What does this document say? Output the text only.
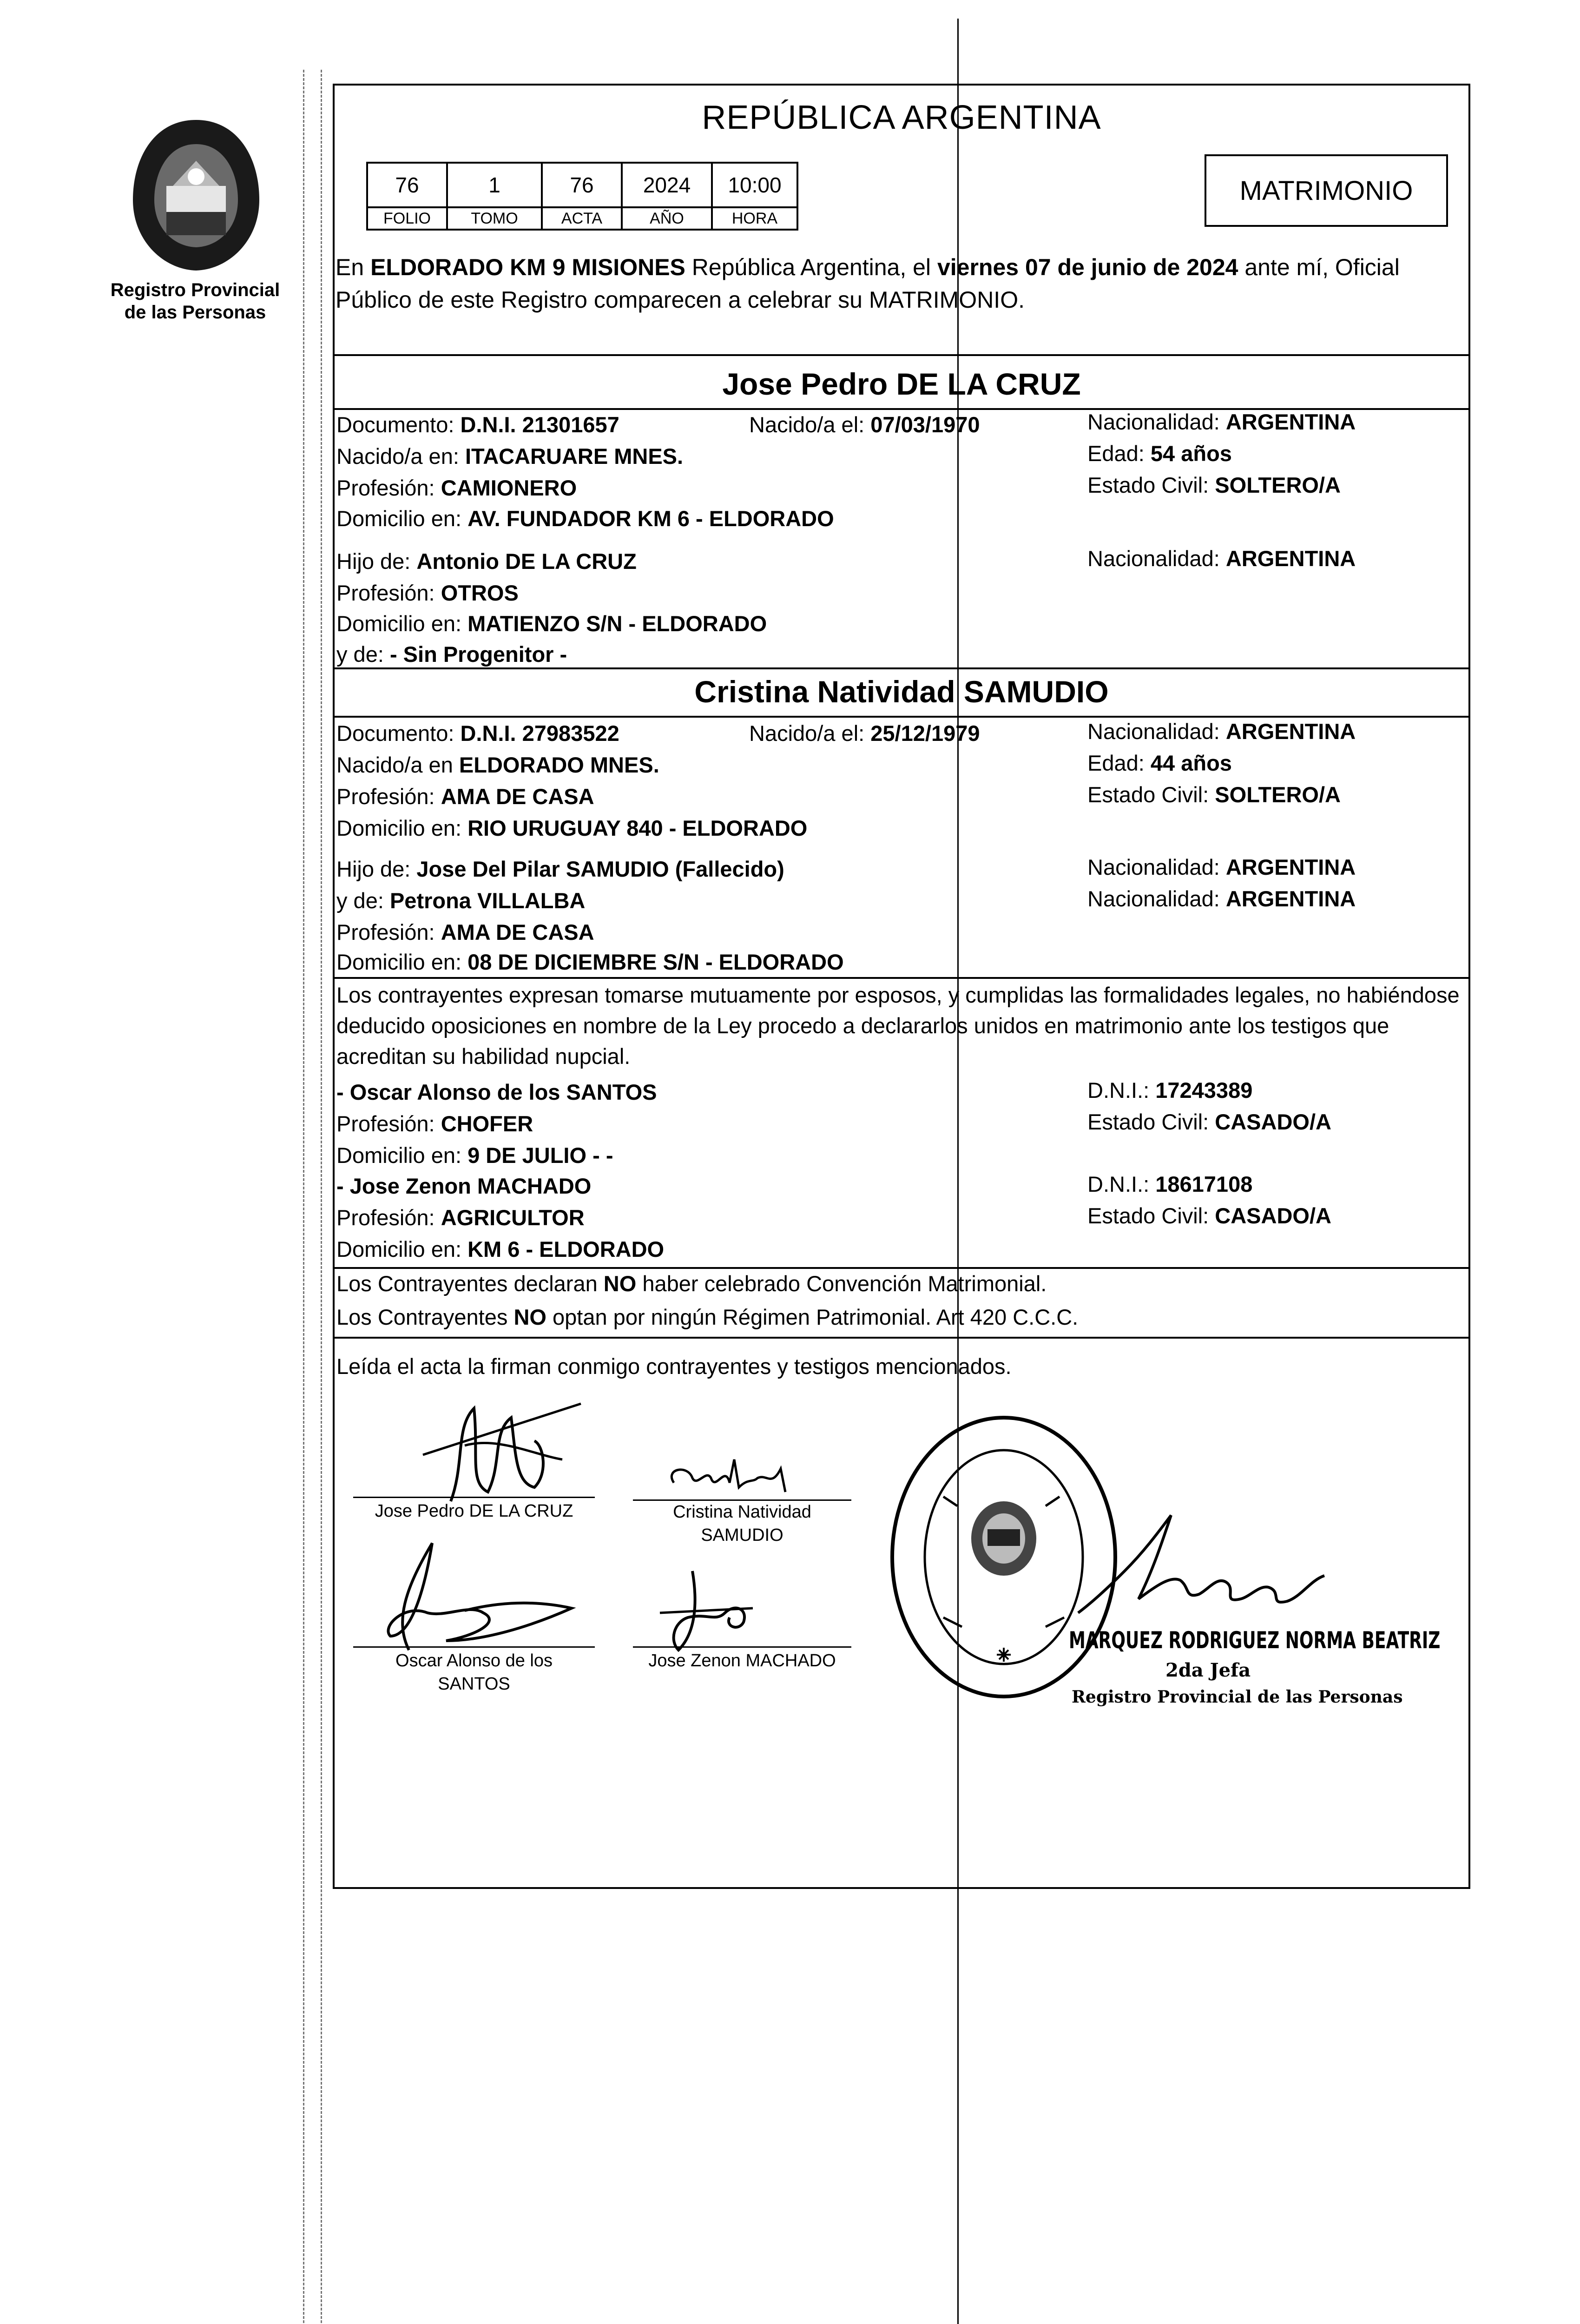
Registro Provincial
de las Personas
REPÚBLICA ARGENTINA
76	1	76	2024	10:00
FOLIO	TOMO	ACTA	AÑO	HORA
MATRIMONIO
En ELDORADO KM 9 MISIONES República Argentina, el viernes 07 de junio de 2024 ante mí, Oficial Público de este Registro comparecen a celebrar su MATRIMONIO.
Jose Pedro DE LA CRUZ
Documento: D.N.I. 21301657	Nacido/a el: 07/03/1970	Nacionalidad: ARGENTINA
Nacido/a en: ITACARUARE MNES.	Edad: 54 años
Profesión: CAMIONERO	Estado Civil: SOLTERO/A
Domicilio en: AV. FUNDADOR KM 6 - ELDORADO
Hijo de: Antonio DE LA CRUZ	Nacionalidad: ARGENTINA
Profesión: OTROS
Domicilio en: MATIENZO S/N - ELDORADO
y de: - Sin Progenitor -
Cristina Natividad SAMUDIO
Documento: D.N.I. 27983522	Nacido/a el: 25/12/1979	Nacionalidad: ARGENTINA
Nacido/a en ELDORADO MNES.	Edad: 44 años
Profesión: AMA DE CASA	Estado Civil: SOLTERO/A
Domicilio en: RIO URUGUAY 840 - ELDORADO
Hijo de: Jose Del Pilar SAMUDIO (Fallecido)	Nacionalidad: ARGENTINA
y de: Petrona VILLALBA	Nacionalidad: ARGENTINA
Profesión: AMA DE CASA
Domicilio en: 08 DE DICIEMBRE S/N - ELDORADO
Los contrayentes expresan tomarse mutuamente por esposos, y cumplidas las formalidades legales, no habiéndose deducido oposiciones en nombre de la Ley procedo a declararlos unidos en matrimonio ante los testigos que acreditan su habilidad nupcial.
- Oscar Alonso de los SANTOS	D.N.I.: 17243389
Profesión: CHOFER	Estado Civil: CASADO/A
Domicilio en: 9 DE JULIO - -
- Jose Zenon MACHADO	D.N.I.: 18617108
Profesión: AGRICULTOR	Estado Civil: CASADO/A
Domicilio en: KM 6 - ELDORADO
Los Contrayentes declaran NO haber celebrado Convención Matrimonial.
Los Contrayentes NO optan por ningún Régimen Patrimonial. Art 420 C.C.C.
Leída el acta la firman conmigo contrayentes y testigos mencionados.
Jose Pedro DE LA CRUZ	Cristina Natividad
SAMUDIO
Oscar Alonso de los
SANTOS
Jose Zenon MACHADO
MARQUEZ RODRIGUEZ NORMA BEATRIZ
2da Jefa
Registro Provincial de las Personas
